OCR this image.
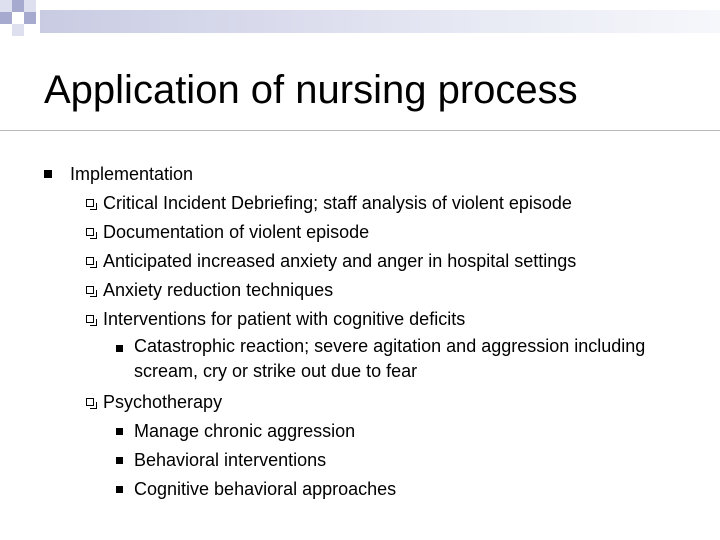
Application of nursing process
Implementation
Critical Incident Debriefing; staff analysis of violent episode
Documentation of violent episode
Anticipated increased anxiety and anger in hospital settings
Anxiety reduction techniques
Interventions for patient with cognitive deficits
Catastrophic reaction; severe agitation and aggression including scream, cry or strike out due to fear
Psychotherapy
Manage chronic aggression
Behavioral interventions
Cognitive behavioral approaches
